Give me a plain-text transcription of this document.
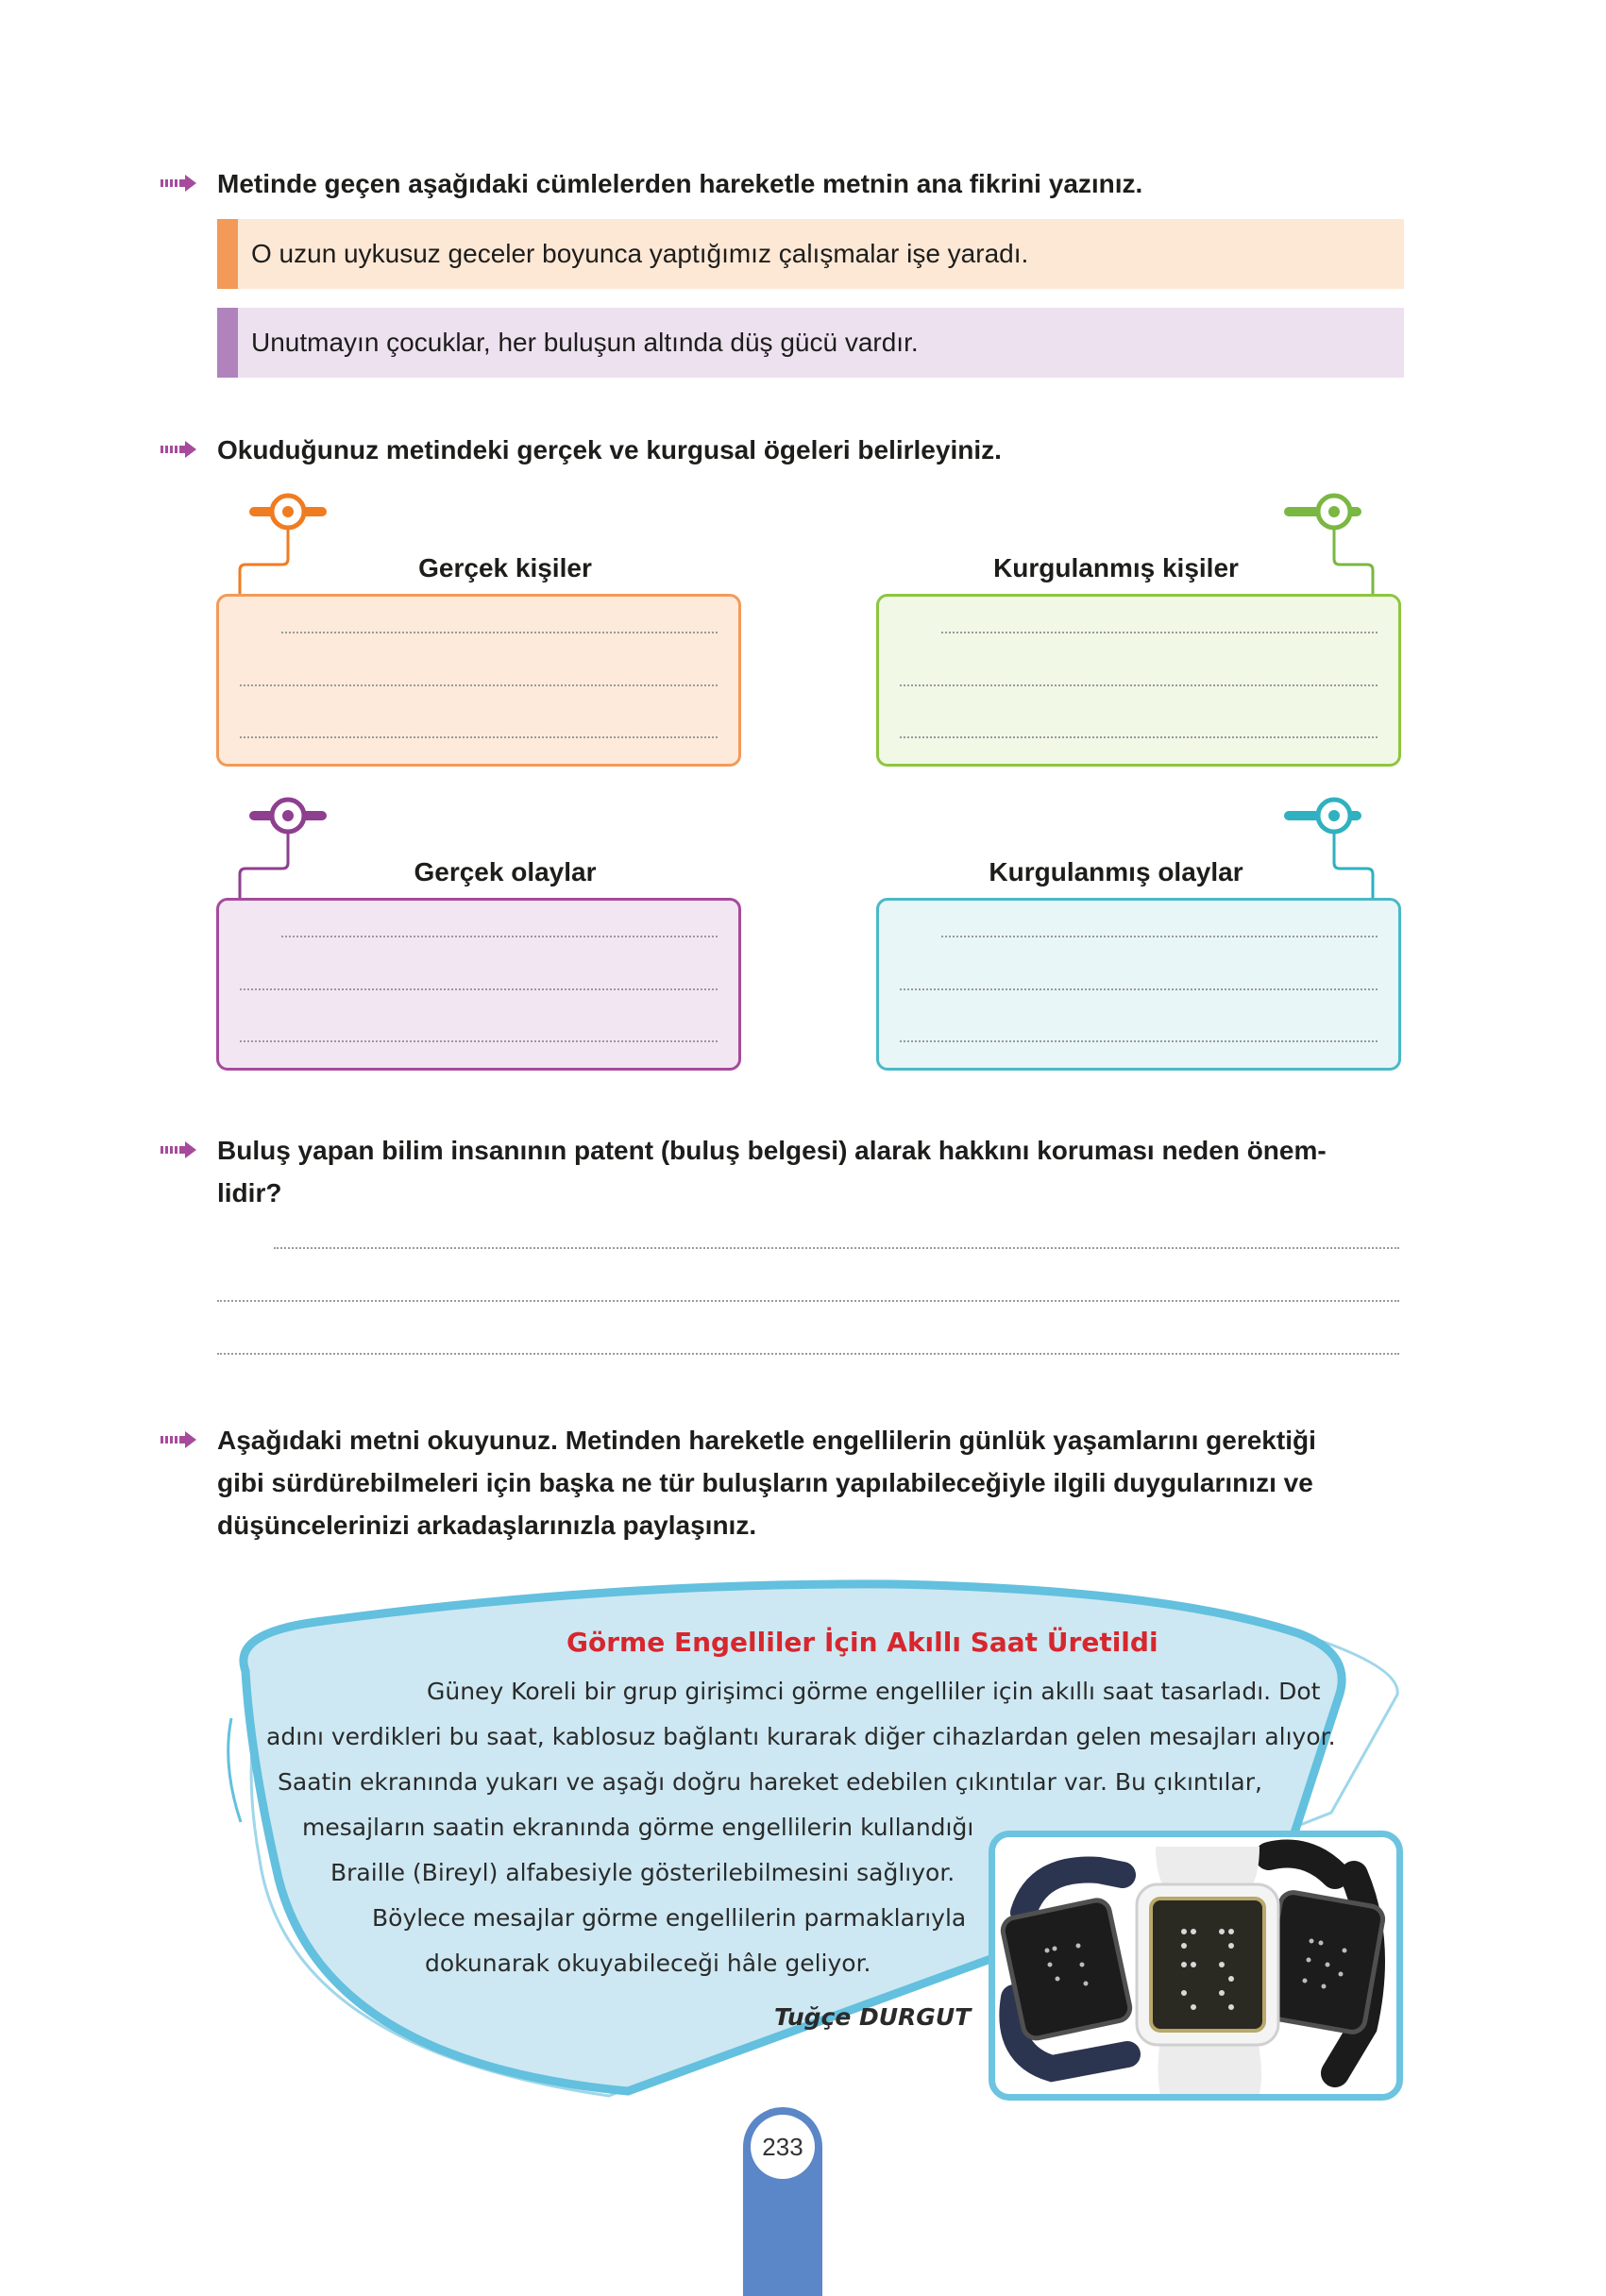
Metinde geçen aşağıdaki cümlelerden hareketle metnin ana fikrini yazınız.
O uzun uykusuz geceler boyunca yaptığımız çalışmalar işe yaradı.
Unutmayın çocuklar, her buluşun altında düş gücü vardır.
Okuduğunuz metindeki gerçek ve kurgusal ögeleri belirleyiniz.
Gerçek kişiler	Kurgulanmış kişiler
Gerçek olaylar	Kurgulanmış olaylar
Buluş yapan bilim insanının patent (buluş belgesi) alarak hakkını koruması neden önem-
lidir?
Aşağıdaki metni okuyunuz. Metinden hareketle engellilerin günlük yaşamlarını gerektiği
gibi sürdürebilmeleri için başka ne tür buluşların yapılabileceğiyle ilgili duygularınızı ve
düşüncelerinizi arkadaşlarınızla paylaşınız.
Görme Engelliler İçin Akıllı Saat Üretildi
Güney Koreli bir grup girişimci görme engelliler için akıllı saat tasarladı. Dot
adını verdikleri bu saat, kablosuz bağlantı kurarak diğer cihazlardan gelen mesajları alıyor.
Saatin ekranında yukarı ve aşağı doğru hareket edebilen çıkıntılar var. Bu çıkıntılar,
mesajların saatin ekranında görme engellilerin kullandığı
Braille (Bireyl) alfabesiyle gösterilebilmesini sağlıyor.
Böylece mesajlar görme engellilerin parmaklarıyla
dokunarak okuyabileceği hâle geliyor.
Tuğçe DURGUT
233
